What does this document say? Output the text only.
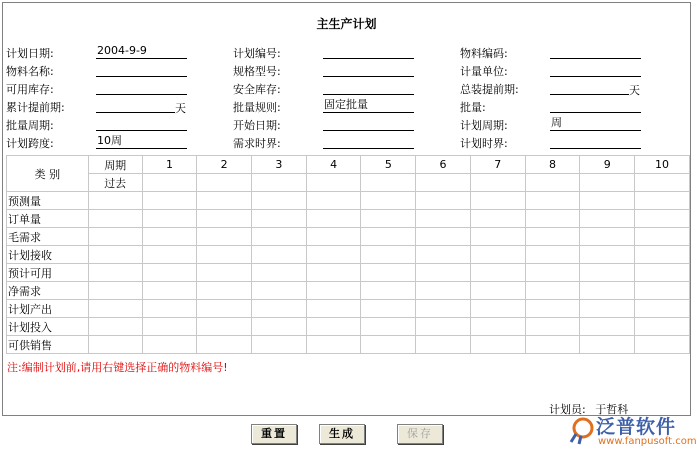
主生产计划
计划日期:	2004-9-9	计划编号:	物料编码:
物料名称:	规格型号:	计量单位:
可用库存:	安全库存:	总装提前期:	天
累计提前期:	天	批量规则:	固定批量	批量:
批量周期:	开始日期:	计划周期:	周
计划跨度:	10周	需求时界:	计划时界:
类 别	周期	1	2	3	4	5	6	7	8	9	10
	过去										
预测量											
订单量											
毛需求											
计划接收											
预计可用											
净需求											
计划产出											
计划投入											
可供销售											
注:编制计划前,请用右键选择正确的物料编号!
计划员: 于哲科
重置	生成	保存	泛普软件
www.fanpusoft.com
